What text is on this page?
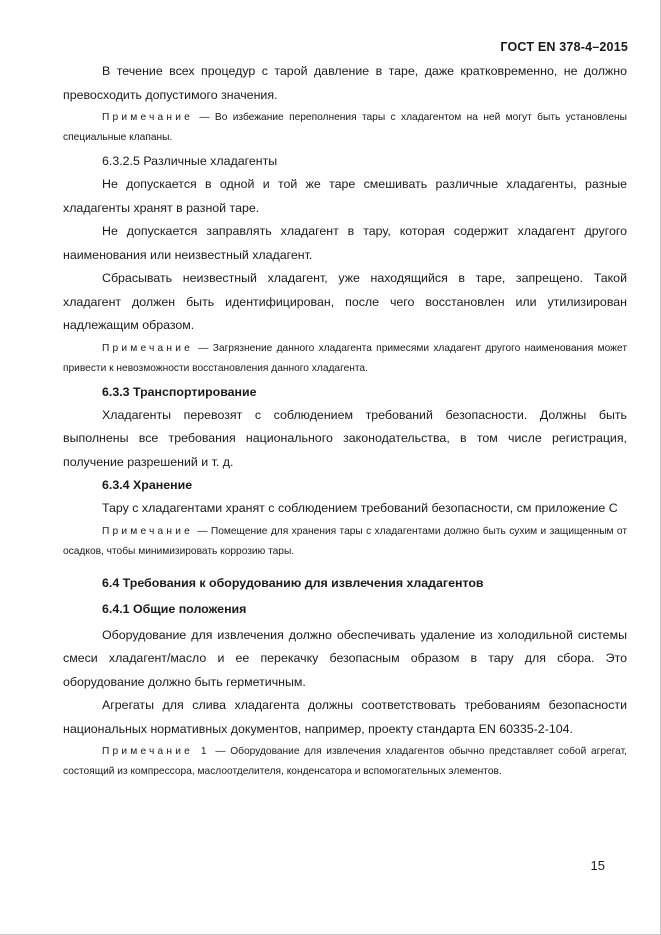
ГОСТ EN 378-4–2015

В течение всех процедур с тарой давление в таре, даже кратковременно, не должно превосходить допустимого значения.

Примечание — Во избежание переполнения тары с хладагентом на ней могут быть установлены специальные клапаны.

6.3.2.5 Различные хладагенты

Не допускается в одной и той же таре смешивать различные хладагенты, разные хладагенты хранят в разной таре.

Не допускается заправлять хладагент в тару, которая содержит хладагент другого наименования или неизвестный хладагент.

Сбрасывать неизвестный хладагент, уже находящийся в таре, запрещено. Такой хладагент должен быть идентифицирован, после чего восстановлен или утилизирован надлежащим образом.

Примечание — Загрязнение данного хладагента примесями хладагент другого наименования может привести к невозможности восстановления данного хладагента.

6.3.3 Транспортирование

Хладагенты перевозят с соблюдением требований безопасности. Должны быть выполнены все требования национального законодательства, в том числе регистрация, получение разрешений и т. д.

6.3.4 Хранение

Тару с хладагентами хранят с соблюдением требований безопасности, см приложение С

Примечание — Помещение для хранения тары с хладагентами должно быть сухим и защищенным от осадков, чтобы минимизировать коррозию тары.

6.4 Требования к оборудованию для извлечения хладагентов
6.4.1 Общие положения

Оборудование для извлечения должно обеспечивать удаление из холодильной системы смеси хладагент/масло и ее перекачку безопасным образом в тару для сбора. Это оборудование должно быть герметичным.

Агрегаты для слива хладагента должны соответствовать требованиям безопасности национальных нормативных документов, например, проекту стандарта EN 60335-2-104.

Примечание 1 — Оборудование для извлечения хладагентов обычно представляет собой агрегат, состоящий из компрессора, маслоотделителя, конденсатора и вспомогательных элементов.

15
